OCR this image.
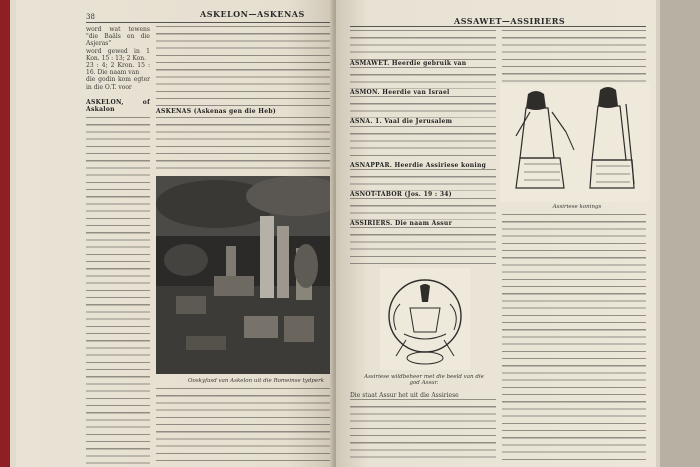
38	ASKELON—ASKENAS

word wat tewens "die Baäls en die Asjeras"

word gewed in 1 Kon. 15 : 13; 2 Kon.

23 : 4; 2 Kron. 15 : 16. Die naam van

die godin kom egter in die O.T. voor

ASKELON, of Askalon	ASKENAS (Askenas gen die Heb)

Ooskyfasd van Askelon uit die Romeinse tydperk
ASSAWET—ASSIRIERS

ASMAWET. Heerdie gebruik van

ASMON. Heerdie van Israel

ASNA. 1. Vaal die Jerusalem

ASNAPPAR. Heerdie Assiriese koning

ASNOT-TABOR (Jos. 19 : 34)

ASSIRIERS. Die naam Assur

Assiriese konings
Assiriese wildbeheer met die beeld van die god Assur.

Die staat Assur het uit die Assiriese
